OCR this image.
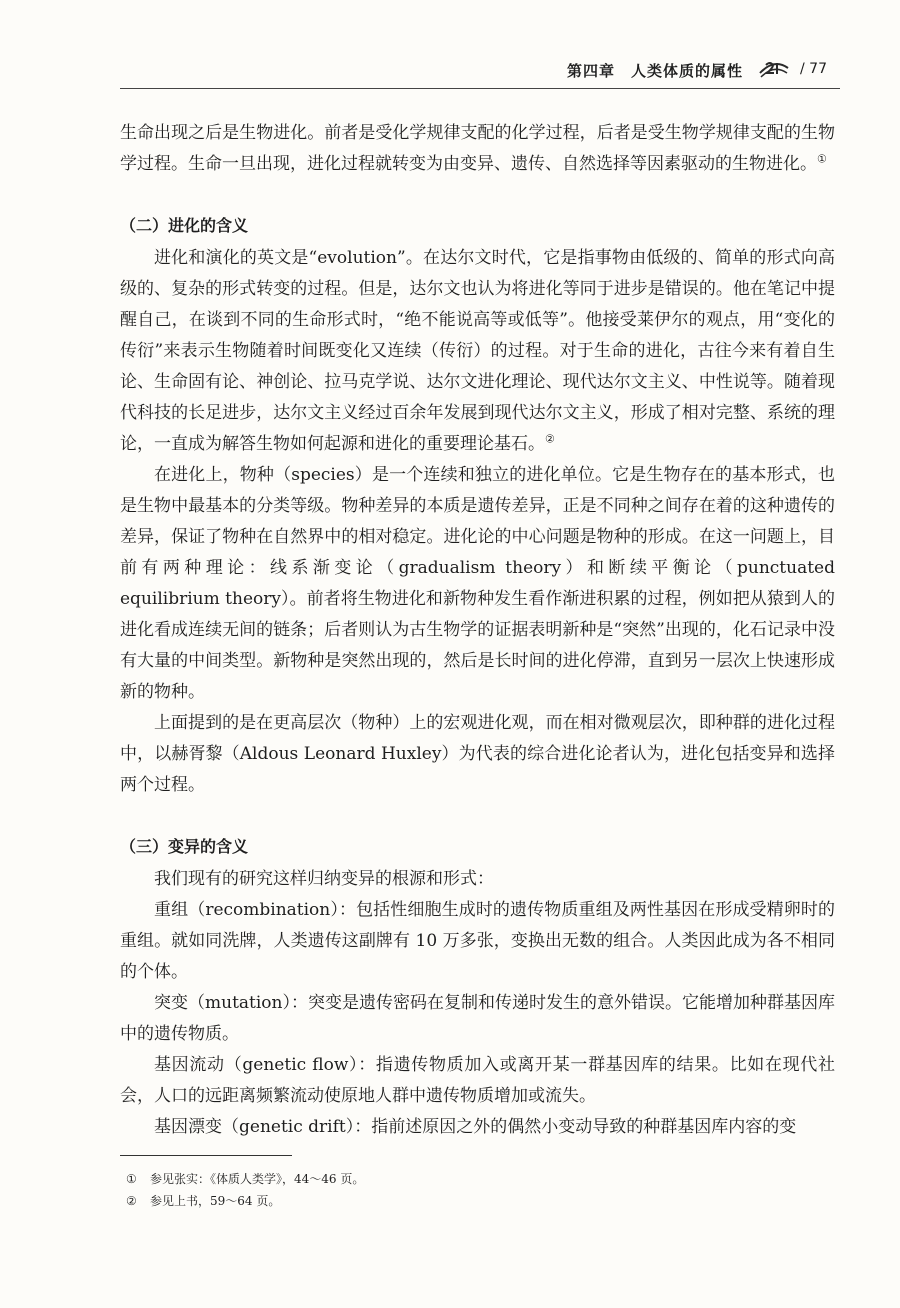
第四章　人类体质的属性	/ 77

生命出现之后是生物进化。前者是受化学规律支配的化学过程，后者是受生物学规律支配的生物学过程。生命一旦出现，进化过程就转变为由变异、遗传、自然选择等因素驱动的生物进化。①

（二）进化的含义

进化和演化的英文是“evolution”。在达尔文时代，它是指事物由低级的、简单的形式向高级的、复杂的形式转变的过程。但是，达尔文也认为将进化等同于进步是错误的。他在笔记中提醒自己，在谈到不同的生命形式时，“绝不能说高等或低等”。他接受莱伊尔的观点，用“变化的传衍”来表示生物随着时间既变化又连续（传衍）的过程。对于生命的进化，古往今来有着自生论、生命固有论、神创论、拉马克学说、达尔文进化理论、现代达尔文主义、中性说等。随着现代科技的长足进步，达尔文主义经过百余年发展到现代达尔文主义，形成了相对完整、系统的理论，一直成为解答生物如何起源和进化的重要理论基石。②

在进化上，物种（species）是一个连续和独立的进化单位。它是生物存在的基本形式，也是生物中最基本的分类等级。物种差异的本质是遗传差异，正是不同种之间存在着的这种遗传的差异，保证了物种在自然界中的相对稳定。进化论的中心问题是物种的形成。在这一问题上，目前有两种理论：线系渐变论（gradualism theory）和断续平衡论（punctuated equilibrium theory）。前者将生物进化和新物种发生看作渐进积累的过程，例如把从猿到人的进化看成连续无间的链条；后者则认为古生物学的证据表明新种是“突然”出现的，化石记录中没有大量的中间类型。新物种是突然出现的，然后是长时间的进化停滞，直到另一层次上快速形成新的物种。

上面提到的是在更高层次（物种）上的宏观进化观，而在相对微观层次，即种群的进化过程中，以赫胥黎（Aldous Leonard Huxley）为代表的综合进化论者认为，进化包括变异和选择两个过程。

（三）变异的含义

我们现有的研究这样归纳变异的根源和形式：

重组（recombination）：包括性细胞生成时的遗传物质重组及两性基因在形成受精卵时的重组。就如同洗牌，人类遗传这副牌有 10 万多张，变换出无数的组合。人类因此成为各不相同的个体。

突变（mutation）：突变是遗传密码在复制和传递时发生的意外错误。它能增加种群基因库中的遗传物质。

基因流动（genetic flow）：指遗传物质加入或离开某一群基因库的结果。比如在现代社会，人口的远距离频繁流动使原地人群中遗传物质增加或流失。

基因漂变（genetic drift）：指前述原因之外的偶然小变动导致的种群基因库内容的变

① 参见张实：《体质人类学》，44～46 页。
② 参见上书，59～64 页。
